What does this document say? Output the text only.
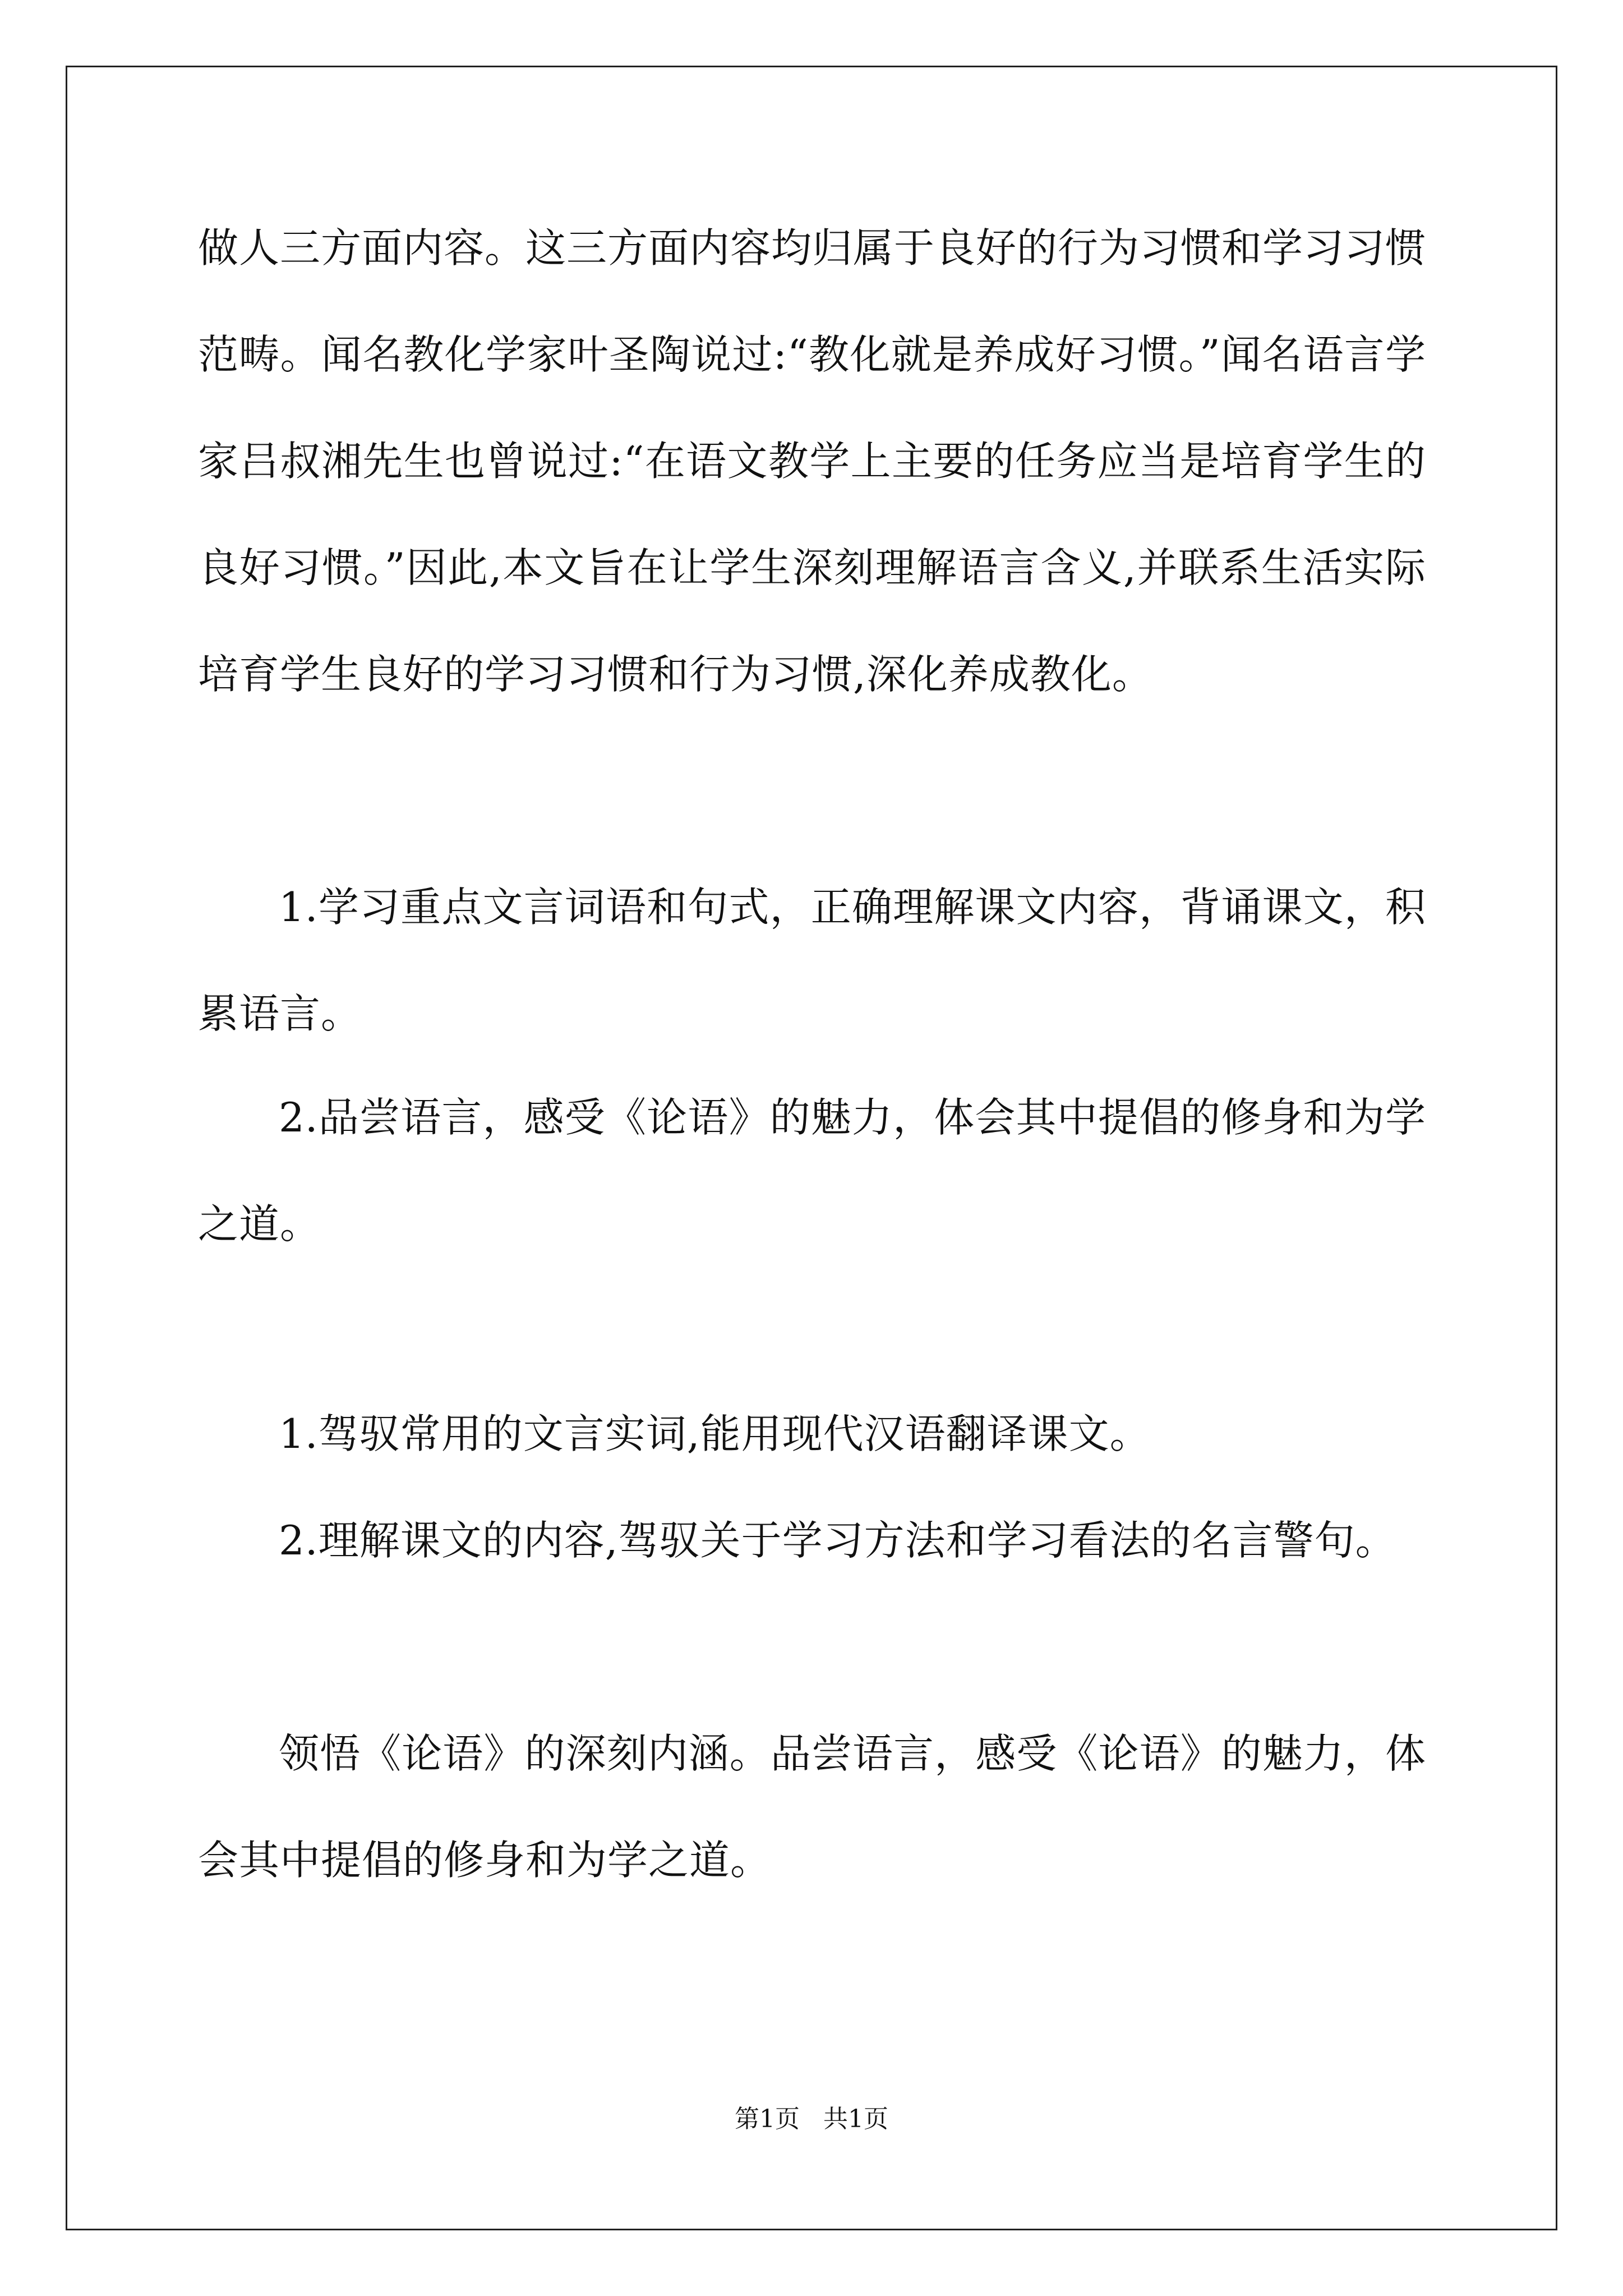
做人三方面内容。这三方面内容均归属于良好的行为习惯和学习习惯范畴。闻名教化学家叶圣陶说过:“教化就是养成好习惯。”闻名语言学家吕叔湘先生也曾说过:“在语文教学上主要的任务应当是培育学生的良好习惯。”因此,本文旨在让学生深刻理解语言含义,并联系生活实际培育学生良好的学习习惯和行为习惯,深化养成教化。

1.学习重点文言词语和句式，正确理解课文内容，背诵课文，积累语言。

2.品尝语言，感受《论语》的魅力，体会其中提倡的修身和为学之道。

1.驾驭常用的文言实词,能用现代汉语翻译课文。

2.理解课文的内容,驾驭关于学习方法和学习看法的名言警句。

领悟《论语》的深刻内涵。品尝语言，感受《论语》的魅力，体会其中提倡的修身和为学之道。

第1页 共1页
